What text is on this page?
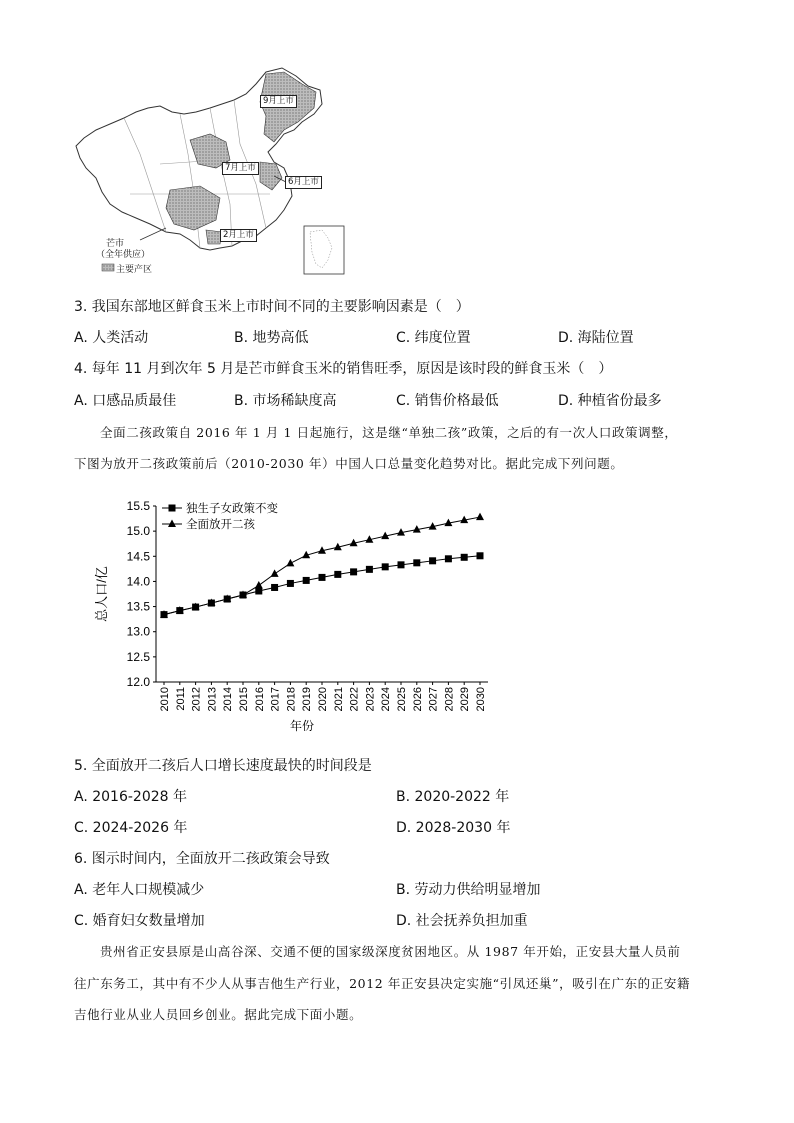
9月上市
7月上市
6月上市
2月上市
芒市
（全年供应）
主要产区
3. 我国东部地区鲜食玉米上市时间不同的主要影响因素是（　）
A. 人类活动	B. 地势高低	C. 纬度位置	D. 海陆位置
4. 每年 11 月到次年 5 月是芒市鲜食玉米的销售旺季，原因是该时段的鲜食玉米（　）
A. 口感品质最佳	B. 市场稀缺度高	C. 销售价格最低	D. 种植省份最多
全面二孩政策自 2016 年 1 月 1 日起施行，这是继“单独二孩”政策，之后的有一次人口政策调整，
下图为放开二孩政策前后（2010-2030 年）中国人口总量变化趋势对比。据此完成下列问题。
12.0
12.5
13.0
13.5
14.0
14.5
15.0
15.5
2010 2011 2012 2013 2014 2015 2016 2017 2018 2019 2020 2021 2022 2023 2024 2025 2026 2027 2028 2029 2030
年份
总人口/亿
独生子女政策不变
全面放开二孩
5. 全面放开二孩后人口增长速度最快的时间段是
A. 2016-2028 年	B. 2020-2022 年
C. 2024-2026 年	D. 2028-2030 年
6. 图示时间内，全面放开二孩政策会导致
A. 老年人口规模减少	B. 劳动力供给明显增加
C. 婚育妇女数量增加	D. 社会抚养负担加重
贵州省正安县原是山高谷深、交通不便的国家级深度贫困地区。从 1987 年开始，正安县大量人员前
往广东务工，其中有不少人从事吉他生产行业，2012 年正安县决定实施“引凤还巢”，吸引在广东的正安籍
吉他行业从业人员回乡创业。据此完成下面小题。
